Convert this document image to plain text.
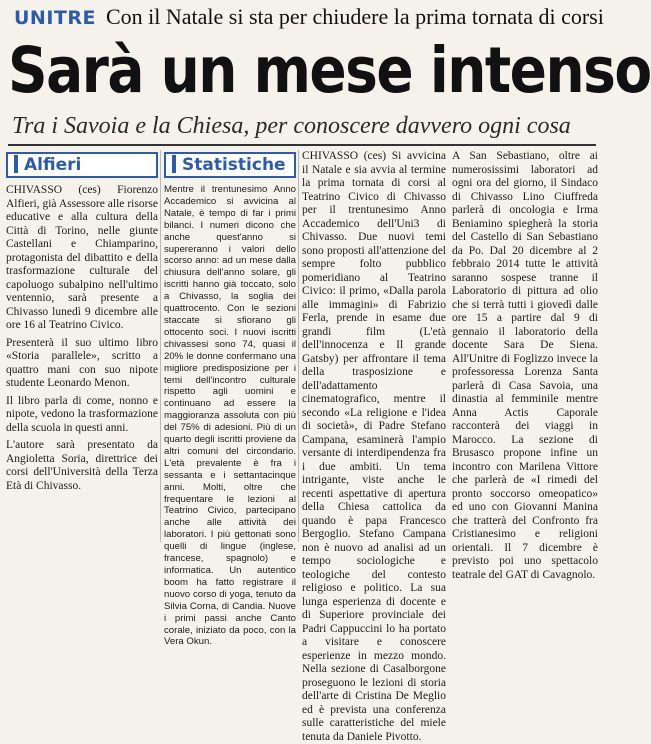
UNITRE Con il Natale si sta per chiudere la prima tornata di corsi
Sarà un mese intenso
Tra i Savoia e la Chiesa, per conoscere davvero ogni cosa
Alfieri

CHIVASSO (ces) Fiorenzo Alfieri, già Assessore alle risorse educative e alla cultura della Città di Torino, nelle giunte Castellani e Chiamparino, protagonista del dibattito e della trasformazione culturale del capoluogo subalpino nell'ultimo ventennio, sarà presente a Chivasso lunedì 9 dicembre alle ore 16 al Teatrino Civico.

Presenterà il suo ultimo libro «Storia parallele», scritto a quattro mani con suo nipote studente Leonardo Menon.

Il libro parla di come, nonno e nipote, vedono la trasformazione della scuola in questi anni.

L'autore sarà presentato da Angioletta Soria, direttrice dei corsi dell'Università della Terza Età di Chivasso.

Statistiche
Mentre il trentunesimo Anno Accademico si avvicina al Natale, è tempo di far i primi bilanci. I numeri dicono che anche quest'anno si supereranno i valori dello scorso anno: ad un mese dalla chiusura dell'anno solare, gli iscritti hanno già toccato, solo a Chivasso, la soglia dei quattrocento. Con le sezioni staccate si sfiorano gli ottocento soci. I nuovi iscritti chivassesi sono 74, quasi il 20% le donne confermano una migliore predisposizione per i temi dell'incontro culturale rispetto agli uomini e continuano ad essere la maggioranza assoluta con più del 75% di adesioni. Più di un quarto degli iscritti proviene da altri comuni del circondario. L'età prevalente è fra i sessanta e i settantacinque anni. Molti, oltre che frequentare le lezioni al Teatrino Civico, partecipano anche alle attività dei laboratori. I più gettonati sono quelli di lingue (inglese, francese, spagnolo) e informatica. Un autentico boom ha fatto registrare il nuovo corso di yoga, tenuto da Silvia Corna, di Candia. Nuove i primi passi anche Canto corale, iniziato da poco, con la Vera Okun.
CHIVASSO (ces) Si avvicina il Natale e sia avvia al termine la prima tornata di corsi al Teatrino Civico di Chivasso per il trentunesimo Anno Accademico dell'Uni3 di Chivasso. Due nuovi temi sono proposti all'attenzione del sempre folto pubblico pomeridiano al Teatrino Civico: il primo, «Dalla parola alle immagini» di Fabrizio Ferla, prende in esame due grandi film (L'età dell'innocenza e Il grande Gatsby) per affrontare il tema della trasposizione e dell'adattamento cinematografico, mentre il secondo «La religione e l'idea di società», di Padre Stefano Campana, esaminerà l'ampio versante di interdipendenza fra i due ambiti. Un tema intrigante, viste anche le recenti aspettative di apertura della Chiesa cattolica da quando è papa Francesco Bergoglio. Stefano Campana non è nuovo ad analisi ad un tempo sociologiche e teologiche del contesto religioso e politico. La sua lunga esperienza di docente e di Superiore provinciale dei Padri Cappuccini lo ha portato a visitare e conoscere esperienze in mezzo mondo. Nella sezione di Casalborgone proseguono le lezioni di storia dell'arte di Cristina De Meglio ed è prevista una conferenza sulle caratteristiche del miele tenuta da Daniele Pivotto.
A San Sebastiano, oltre ai numerosissimi laboratori ad ogni ora del giorno, il Sindaco di Chivasso Lino Ciuffreda parlerà di oncologia e Irma Beniamino spiegherà la storia del Castello di San Sebastiano da Po. Dal 20 dicembre al 2 febbraio 2014 tutte le attività saranno sospese tranne il Laboratorio di pittura ad olio che si terrà tutti i giovedì dalle ore 15 a partire dal 9 di gennaio il laboratorio della docente Sara De Siena. All'Unitre di Foglizzo invece la professoressa Lorenza Santa parlerà di Casa Savoia, una dinastia al femminile mentre Anna Actis Caporale racconterà dei viaggi in Marocco. La sezione di Brusasco propone infine un incontro con Marilena Vittore che parlerà de «I rimedi del pronto soccorso omeopatico» ed uno con Giovanni Manina che tratterà del Confronto fra Cristianesimo e religioni orientali. Il 7 dicembre è previsto poi uno spettacolo teatrale del GAT di Cavagnolo.
